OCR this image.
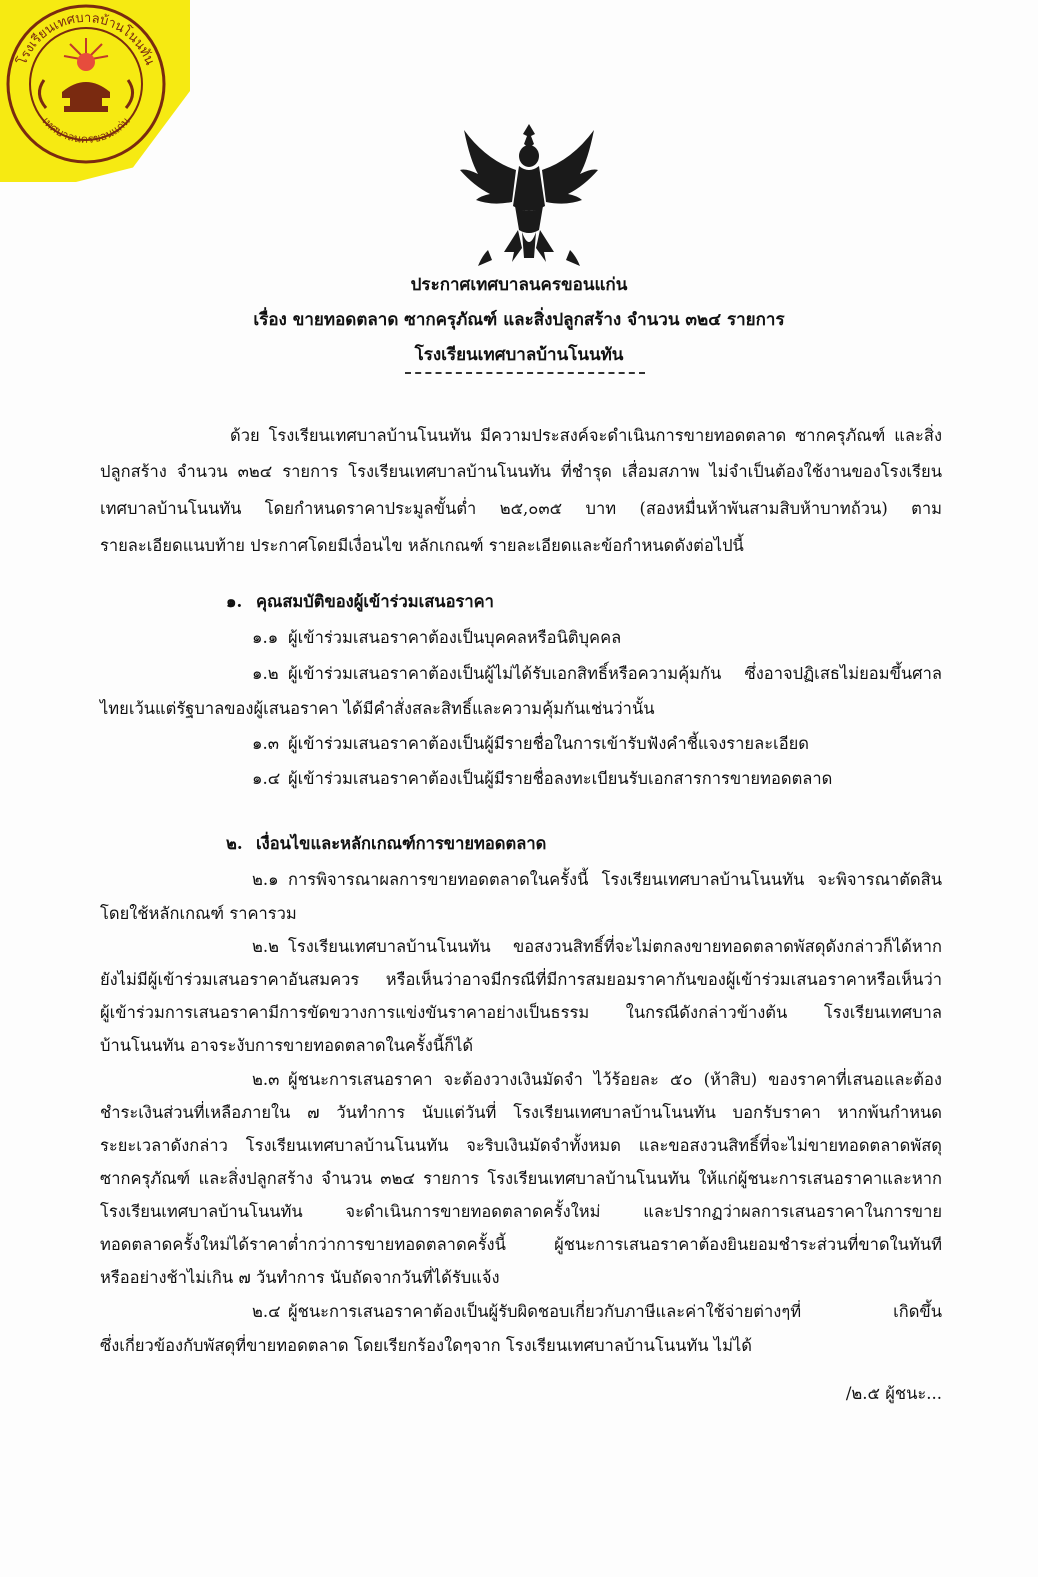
โรงเรียนเทศบาลบ้านโนนทัน
เทศบาลนครขอนแก่น

ประกาศเทศบาลนครขอนแก่น

เรื่อง ขายทอดตลาด ซากครุภัณฑ์ และสิ่งปลูกสร้าง จำนวน ๓๒๔ รายการ

โรงเรียนเทศบาลบ้านโนนทัน

ด้วย โรงเรียนเทศบาลบ้านโนนทัน มีความประสงค์จะดำเนินการขายทอดตลาด ซากครุภัณฑ์ และสิ่ง

ปลูกสร้าง จำนวน ๓๒๔ รายการ โรงเรียนเทศบาลบ้านโนนทัน ที่ชำรุด เสื่อมสภาพ ไม่จำเป็นต้องใช้งานของโรงเรียน

เทศบาลบ้านโนนทัน โดยกำหนดราคาประมูลขั้นต่ำ ๒๕,๐๓๕ บาท (สองหมื่นห้าพันสามสิบห้าบาทถ้วน) ตาม

รายละเอียดแนบท้าย ประกาศโดยมีเงื่อนไข หลักเกณฑ์ รายละเอียดและข้อกำหนดดังต่อไปนี้

๑. คุณสมบัติของผู้เข้าร่วมเสนอราคา

๑.๑ ผู้เข้าร่วมเสนอราคาต้องเป็นบุคคลหรือนิติบุคคล

๑.๒ ผู้เข้าร่วมเสนอราคาต้องเป็นผู้ไม่ได้รับเอกสิทธิ์หรือความคุ้มกัน ซึ่งอาจปฏิเสธไม่ยอมขึ้นศาล

ไทยเว้นแต่รัฐบาลของผู้เสนอราคา ได้มีคำสั่งสละสิทธิ์และความคุ้มกันเช่นว่านั้น

๑.๓ ผู้เข้าร่วมเสนอราคาต้องเป็นผู้มีรายชื่อในการเข้ารับฟังคำชี้แจงรายละเอียด

๑.๔ ผู้เข้าร่วมเสนอราคาต้องเป็นผู้มีรายชื่อลงทะเบียนรับเอกสารการขายทอดตลาด

๒. เงื่อนไขและหลักเกณฑ์การขายทอดตลาด

๒.๑ การพิจารณาผลการขายทอดตลาดในครั้งนี้ โรงเรียนเทศบาลบ้านโนนทัน จะพิจารณาตัดสิน

โดยใช้หลักเกณฑ์ ราคารวม

๒.๒ โรงเรียนเทศบาลบ้านโนนทัน ขอสงวนสิทธิ์ที่จะไม่ตกลงขายทอดตลาดพัสดุดังกล่าวก็ได้หาก

ยังไม่มีผู้เข้าร่วมเสนอราคาอันสมควร หรือเห็นว่าอาจมีกรณีที่มีการสมยอมราคากันของผู้เข้าร่วมเสนอราคาหรือเห็นว่า

ผู้เข้าร่วมการเสนอราคามีการขัดขวางการแข่งขันราคาอย่างเป็นธรรม ในกรณีดังกล่าวข้างต้น โรงเรียนเทศบาล

บ้านโนนทัน อาจระงับการขายทอดตลาดในครั้งนี้ก็ได้

๒.๓ ผู้ชนะการเสนอราคา จะต้องวางเงินมัดจำ ไว้ร้อยละ ๕๐ (ห้าสิบ) ของราคาที่เสนอและต้อง

ชำระเงินส่วนที่เหลือภายใน ๗ วันทำการ นับแต่วันที่ โรงเรียนเทศบาลบ้านโนนทัน บอกรับราคา หากพ้นกำหนด

ระยะเวลาดังกล่าว โรงเรียนเทศบาลบ้านโนนทัน จะริบเงินมัดจำทั้งหมด และขอสงวนสิทธิ์ที่จะไม่ขายทอดตลาดพัสดุ

ซากครุภัณฑ์ และสิ่งปลูกสร้าง จำนวน ๓๒๔ รายการ โรงเรียนเทศบาลบ้านโนนทัน ให้แก่ผู้ชนะการเสนอราคาและหาก

โรงเรียนเทศบาลบ้านโนนทัน จะดำเนินการขายทอดตลาดครั้งใหม่ และปรากฏว่าผลการเสนอราคาในการขาย

ทอดตลาดครั้งใหม่ได้ราคาต่ำกว่าการขายทอดตลาดครั้งนี้ ผู้ชนะการเสนอราคาต้องยินยอมชำระส่วนที่ขาดในทันที

หรืออย่างช้าไม่เกิน ๗ วันทำการ นับถัดจากวันที่ได้รับแจ้ง

๒.๔ ผู้ชนะการเสนอราคาต้องเป็นผู้รับผิดชอบเกี่ยวกับภาษีและค่าใช้จ่ายต่างๆที่ เกิดขึ้น

ซึ่งเกี่ยวข้องกับพัสดุที่ขายทอดตลาด โดยเรียกร้องใดๆจาก โรงเรียนเทศบาลบ้านโนนทัน ไม่ได้

/๒.๕ ผู้ชนะ...
